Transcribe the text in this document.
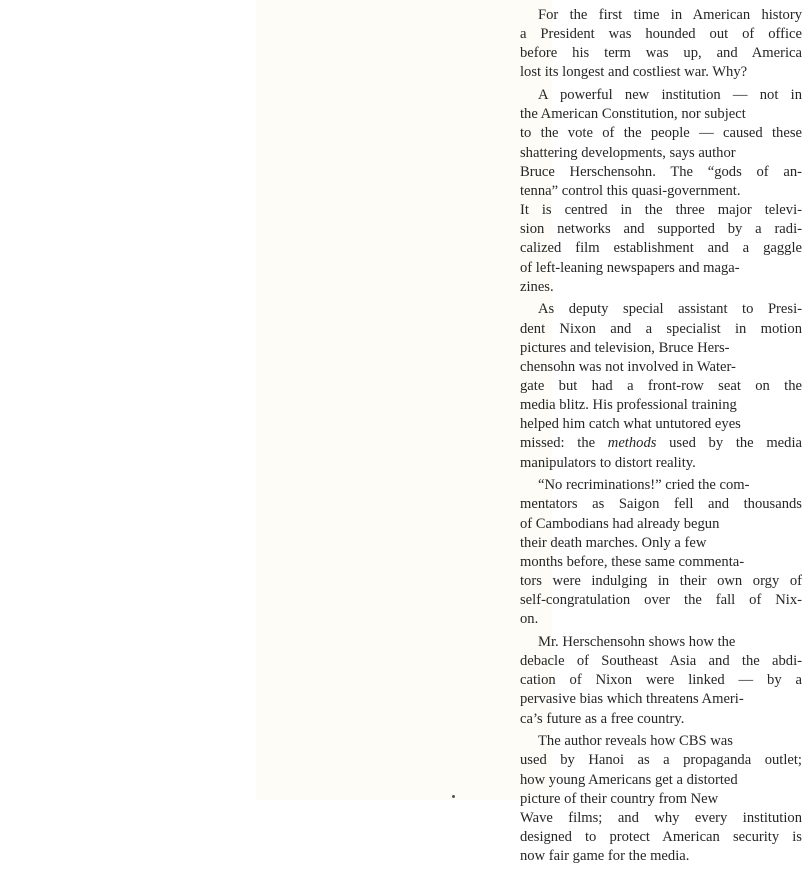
For the first time in American history
a President was hounded out of office
before his term was up, and America
lost its longest and costliest war. Why?

A powerful new institution — not in
the American Constitution, nor subject
to the vote of the people — caused these
shattering developments, says author
Bruce Herschensohn. The “gods of an-
tenna” control this quasi-government.
It is centred in the three major televi-
sion networks and supported by a radi-
calized film establishment and a gaggle
of left-leaning newspapers and maga-
zines.

As deputy special assistant to Presi-
dent Nixon and a specialist in motion
pictures and television, Bruce Hers-
chensohn was not involved in Water-
gate but had a front-row seat on the
media blitz. His professional training
helped him catch what untutored eyes
missed: the methods used by the media
manipulators to distort reality.

“No recriminations!” cried the com-
mentators as Saigon fell and thousands
of Cambodians had already begun
their death marches. Only a few
months before, these same commenta-
tors were indulging in their own orgy of
self-congratulation over the fall of Nix-
on.

Mr. Herschensohn shows how the
debacle of Southeast Asia and the abdi-
cation of Nixon were linked — by a
pervasive bias which threatens Ameri-
ca’s future as a free country.

The author reveals how CBS was
used by Hanoi as a propaganda outlet;
how young Americans get a distorted
picture of their country from New
Wave films; and why every institution
designed to protect American security is
now fair game for the media.
